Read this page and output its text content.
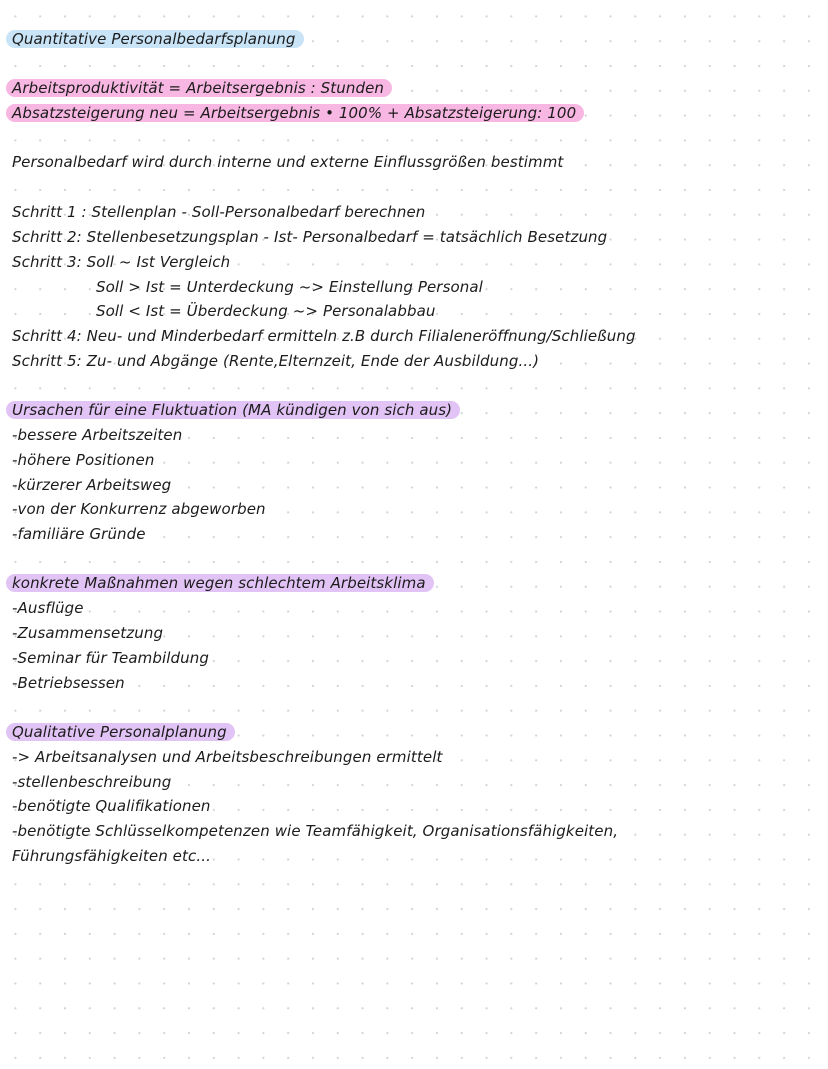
Quantitative Personalbedarfsplanung
Arbeitsproduktivität = Arbeitsergebnis : Stunden
Absatzsteigerung neu = Arbeitsergebnis • 100% + Absatzsteigerung: 100
Personalbedarf wird durch interne und externe Einflussgrößen bestimmt
Schritt 1 : Stellenplan - Soll-Personalbedarf berechnen
Schritt 2: Stellenbesetzungsplan - Ist- Personalbedarf = tatsächlich Besetzung
Schritt 3: Soll ~ Ist Vergleich
Soll > Ist = Unterdeckung ~> Einstellung Personal
Soll < Ist = Überdeckung ~> Personalabbau
Schritt 4: Neu- und Minderbedarf ermitteln z.B durch Filialeneröffnung/Schließung
Schritt 5: Zu- und Abgänge (Rente,Elternzeit, Ende der Ausbildung...)
Ursachen für eine Fluktuation (MA kündigen von sich aus)
-bessere Arbeitszeiten
-höhere Positionen
-kürzerer Arbeitsweg
-von der Konkurrenz abgeworben
-familiäre Gründe
konkrete Maßnahmen wegen schlechtem Arbeitsklima
-Ausflüge
-Zusammensetzung
-Seminar für Teambildung
-Betriebsessen
Qualitative Personalplanung
-> Arbeitsanalysen und Arbeitsbeschreibungen ermittelt
-stellenbeschreibung
-benötigte Qualifikationen
-benötigte Schlüsselkompetenzen wie Teamfähigkeit, Organisationsfähigkeiten,
Führungsfähigkeiten etc...
